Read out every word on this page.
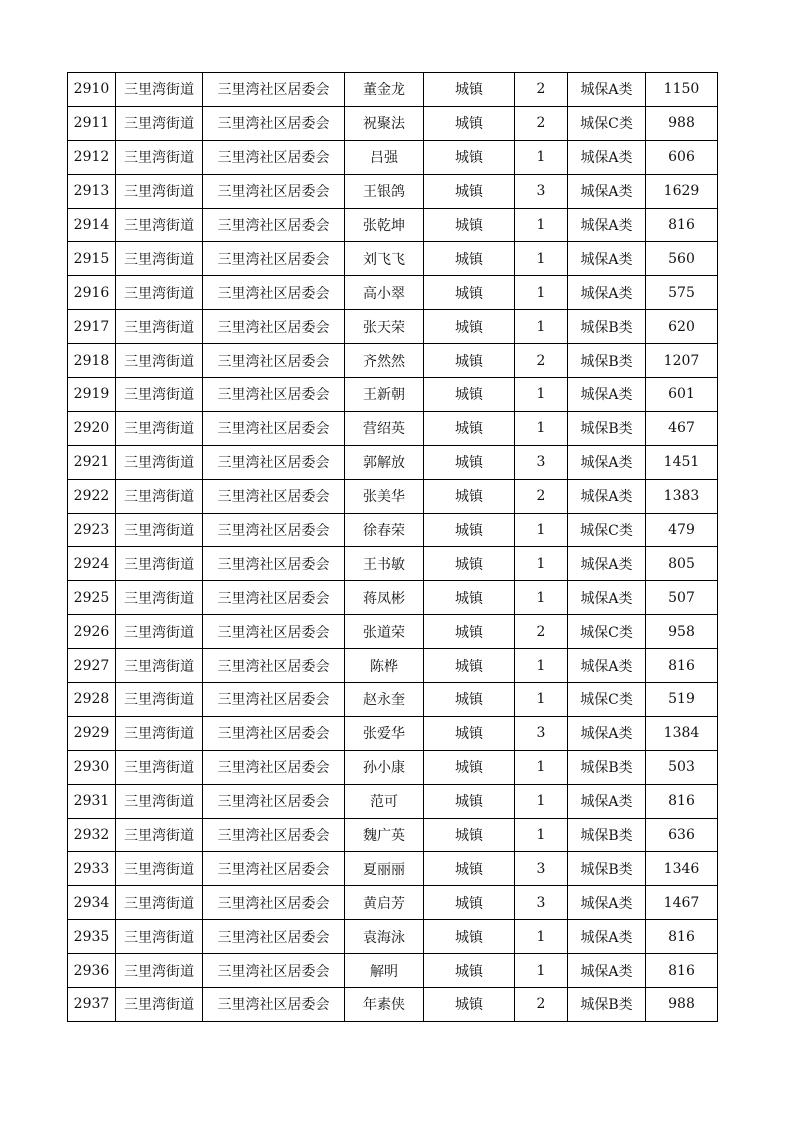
2910	三里湾街道	三里湾社区居委会	董金龙	城镇	2	城保A类	1150
2911	三里湾街道	三里湾社区居委会	祝聚法	城镇	2	城保C类	988
2912	三里湾街道	三里湾社区居委会	吕强	城镇	1	城保A类	606
2913	三里湾街道	三里湾社区居委会	王银鸽	城镇	3	城保A类	1629
2914	三里湾街道	三里湾社区居委会	张乾坤	城镇	1	城保A类	816
2915	三里湾街道	三里湾社区居委会	刘飞飞	城镇	1	城保A类	560
2916	三里湾街道	三里湾社区居委会	高小翠	城镇	1	城保A类	575
2917	三里湾街道	三里湾社区居委会	张天荣	城镇	1	城保B类	620
2918	三里湾街道	三里湾社区居委会	齐然然	城镇	2	城保B类	1207
2919	三里湾街道	三里湾社区居委会	王新朝	城镇	1	城保A类	601
2920	三里湾街道	三里湾社区居委会	营绍英	城镇	1	城保B类	467
2921	三里湾街道	三里湾社区居委会	郭解放	城镇	3	城保A类	1451
2922	三里湾街道	三里湾社区居委会	张美华	城镇	2	城保A类	1383
2923	三里湾街道	三里湾社区居委会	徐春荣	城镇	1	城保C类	479
2924	三里湾街道	三里湾社区居委会	王书敏	城镇	1	城保A类	805
2925	三里湾街道	三里湾社区居委会	蒋凤彬	城镇	1	城保A类	507
2926	三里湾街道	三里湾社区居委会	张道荣	城镇	2	城保C类	958
2927	三里湾街道	三里湾社区居委会	陈桦	城镇	1	城保A类	816
2928	三里湾街道	三里湾社区居委会	赵永奎	城镇	1	城保C类	519
2929	三里湾街道	三里湾社区居委会	张爱华	城镇	3	城保A类	1384
2930	三里湾街道	三里湾社区居委会	孙小康	城镇	1	城保B类	503
2931	三里湾街道	三里湾社区居委会	范可	城镇	1	城保A类	816
2932	三里湾街道	三里湾社区居委会	魏广英	城镇	1	城保B类	636
2933	三里湾街道	三里湾社区居委会	夏丽丽	城镇	3	城保B类	1346
2934	三里湾街道	三里湾社区居委会	黄启芳	城镇	3	城保A类	1467
2935	三里湾街道	三里湾社区居委会	袁海泳	城镇	1	城保A类	816
2936	三里湾街道	三里湾社区居委会	解明	城镇	1	城保A类	816
2937	三里湾街道	三里湾社区居委会	年素侠	城镇	2	城保B类	988
